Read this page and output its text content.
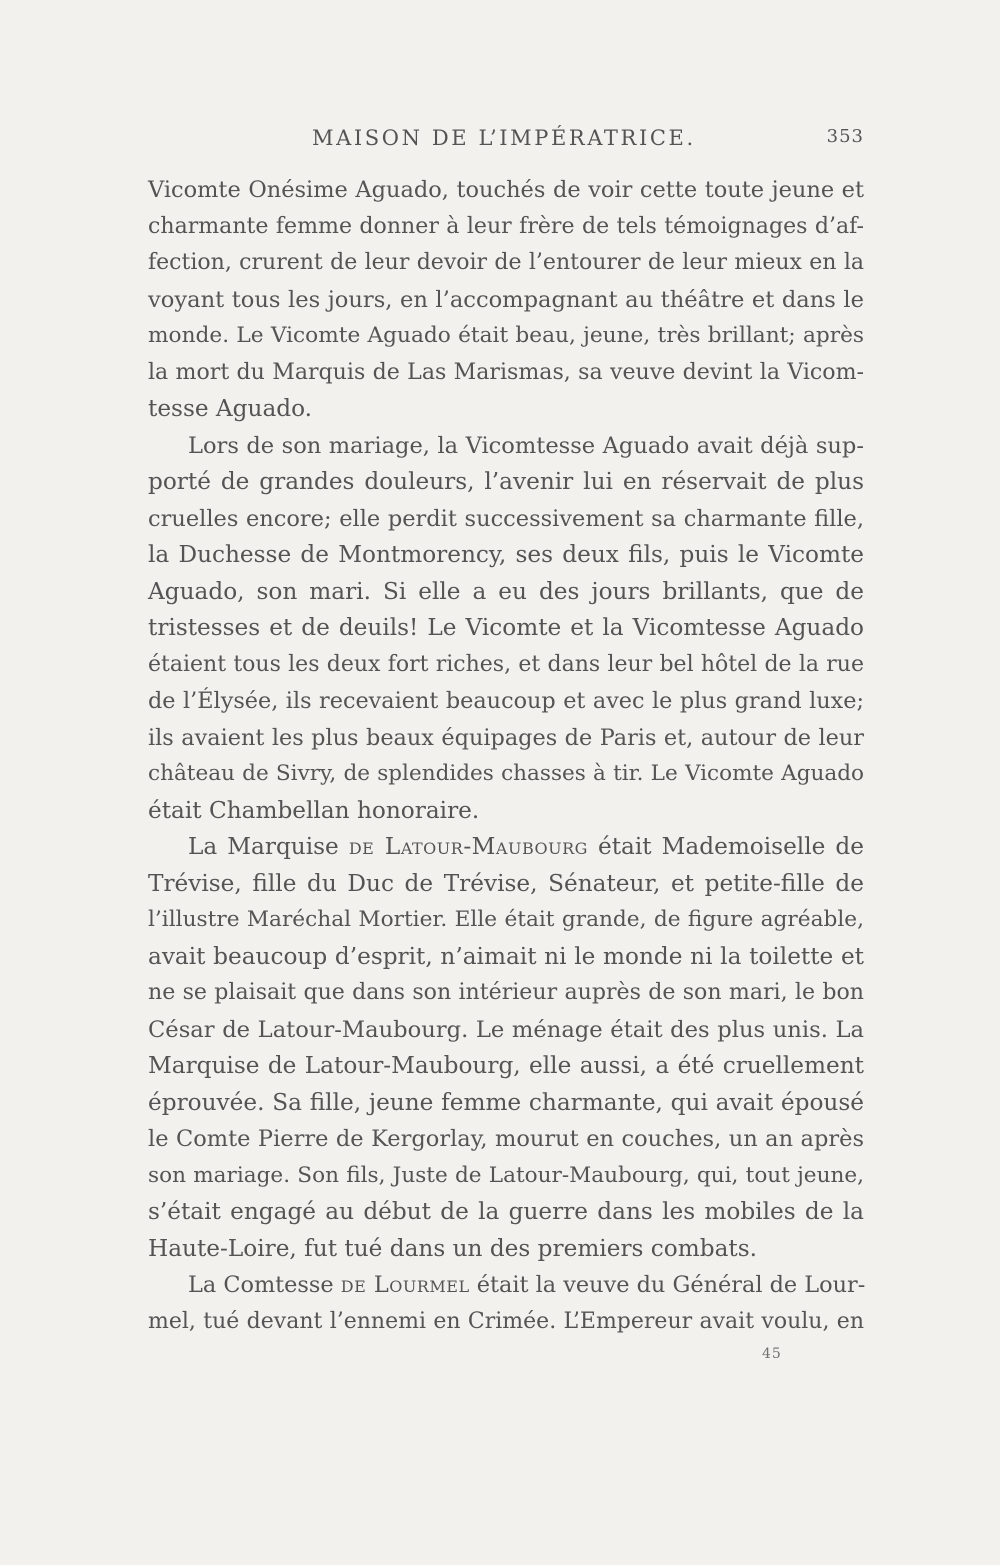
MAISON DE L’IMPÉRATRICE.	353
Vicomte Onésime Aguado, touchés de voir cette toute jeune et
charmante femme donner à leur frère de tels témoignages d’af-
fection, crurent de leur devoir de l’entourer de leur mieux en la
voyant tous les jours, en l’accompagnant au théâtre et dans le
monde. Le Vicomte Aguado était beau, jeune, très brillant; après
la mort du Marquis de Las Marismas, sa veuve devint la Vicom-
tesse Aguado.
Lors de son mariage, la Vicomtesse Aguado avait déjà sup-
porté de grandes douleurs, l’avenir lui en réservait de plus
cruelles encore; elle perdit successivement sa charmante fille,
la Duchesse de Montmorency, ses deux fils, puis le Vicomte
Aguado, son mari. Si elle a eu des jours brillants, que de
tristesses et de deuils! Le Vicomte et la Vicomtesse Aguado
étaient tous les deux fort riches, et dans leur bel hôtel de la rue
de l’Élysée, ils recevaient beaucoup et avec le plus grand luxe;
ils avaient les plus beaux équipages de Paris et, autour de leur
château de Sivry, de splendides chasses à tir. Le Vicomte Aguado
était Chambellan honoraire.
La Marquise de Latour-Maubourg était Mademoiselle de
Trévise, fille du Duc de Trévise, Sénateur, et petite-fille de
l’illustre Maréchal Mortier. Elle était grande, de figure agréable,
avait beaucoup d’esprit, n’aimait ni le monde ni la toilette et
ne se plaisait que dans son intérieur auprès de son mari, le bon
César de Latour-Maubourg. Le ménage était des plus unis. La
Marquise de Latour-Maubourg, elle aussi, a été cruellement
éprouvée. Sa fille, jeune femme charmante, qui avait épousé
le Comte Pierre de Kergorlay, mourut en couches, un an après
son mariage. Son fils, Juste de Latour-Maubourg, qui, tout jeune,
s’était engagé au début de la guerre dans les mobiles de la
Haute-Loire, fut tué dans un des premiers combats.
La Comtesse de Lourmel était la veuve du Général de Lour-
mel, tué devant l’ennemi en Crimée. L’Empereur avait voulu, en
45
